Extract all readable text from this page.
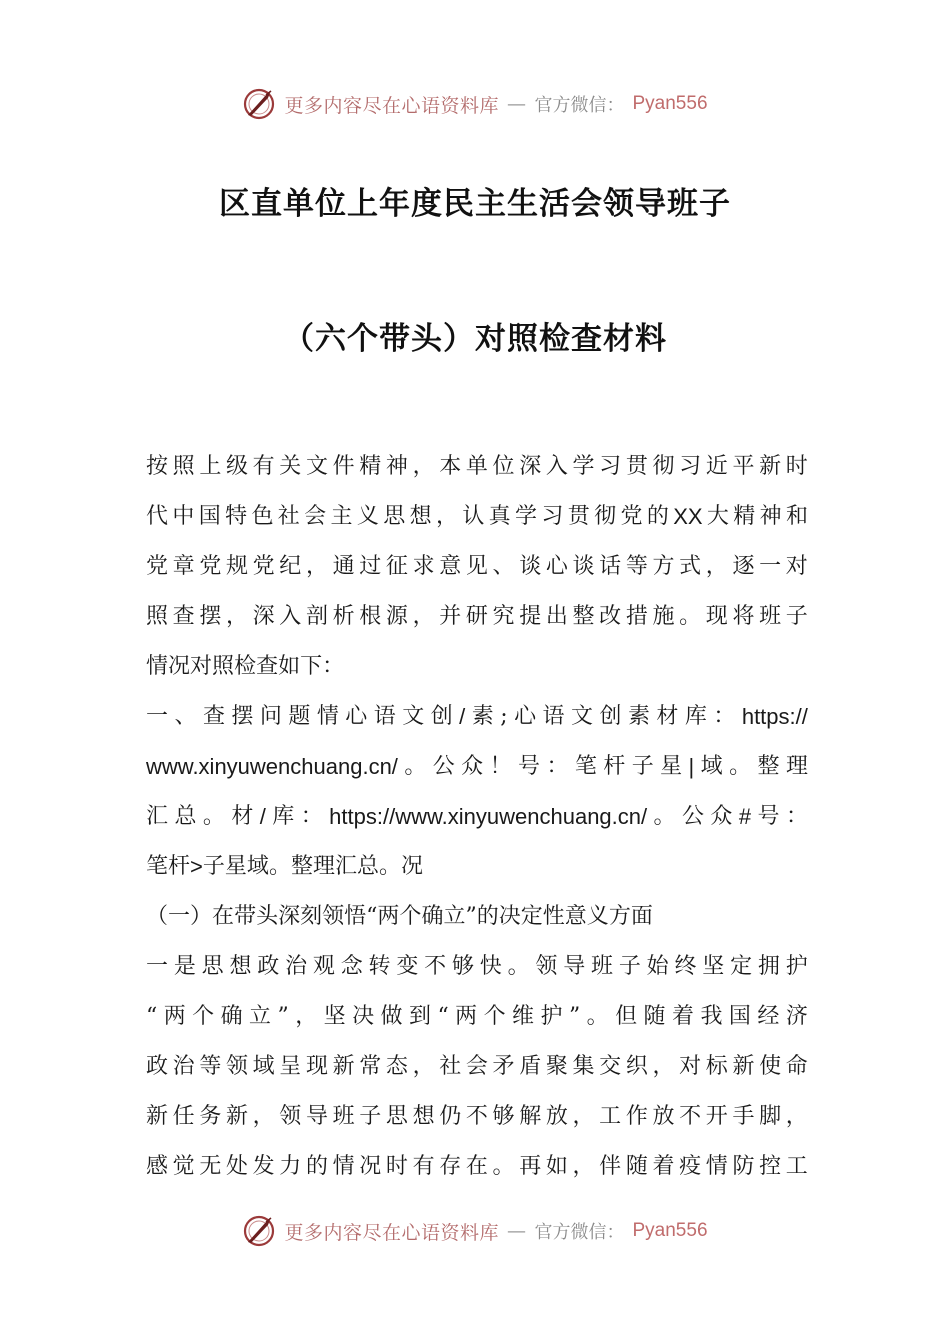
更多内容尽在心语资料库 — 官方微信： Pyan556
区直单位上年度民主生活会领导班子
（六个带头）对照检查材料
按 照 上 级 有 关 文 件 精 神 ， 本 单 位 深 入 学 习 贯 彻 习 近 平 新 时
代 中 国 特 色 社 会 主 义 思 想 ， 认 真 学 习 贯 彻 党 的 XX 大 精 神 和
党 章 党 规 党 纪 ， 通 过 征 求 意 见 、 谈 心 谈 话 等 方 式 ， 逐 一 对
照 查 摆 ， 深 入 剖 析 根 源 ， 并 研 究 提 出 整 改 措 施 。 现 将 班 子
情 况 对 照 检 查 如 下 ：
一 、 查 摆 问 题 情 心 语 文 创 / 素 ; 心 语 文 创 素 材 库 ： https://
www.xinyuwenchuang.cn/ 。 公 众 ！ 号 ： 笔 杆 子 星 | 域 。 整 理
汇 总 。 材 / 库 ： https://www.xinyuwenchuang.cn/ 。 公 众 # 号 ：
笔 杆 > 子 星 域 。 整 理 汇 总 。 况
（ 一 ） 在 带 头 深 刻 领 悟 “ 两 个 确 立 ” 的 决 定 性 意 义 方 面
一 是 思 想 政 治 观 念 转 变 不 够 快 。 领 导 班 子 始 终 坚 定 拥 护
“ 两 个 确 立 ” ， 坚 决 做 到 “ 两 个 维 护 ” 。 但 随 着 我 国 经 济
政 治 等 领 域 呈 现 新 常 态 ， 社 会 矛 盾 聚 集 交 织 ， 对 标 新 使 命
新 任 务 新 ， 领 导 班 子 思 想 仍 不 够 解 放 ， 工 作 放 不 开 手 脚 ，
感 觉 无 处 发 力 的 情 况 时 有 存 在 。 再 如 ， 伴 随 着 疫 情 防 控 工
更多内容尽在心语资料库 — 官方微信： Pyan556
